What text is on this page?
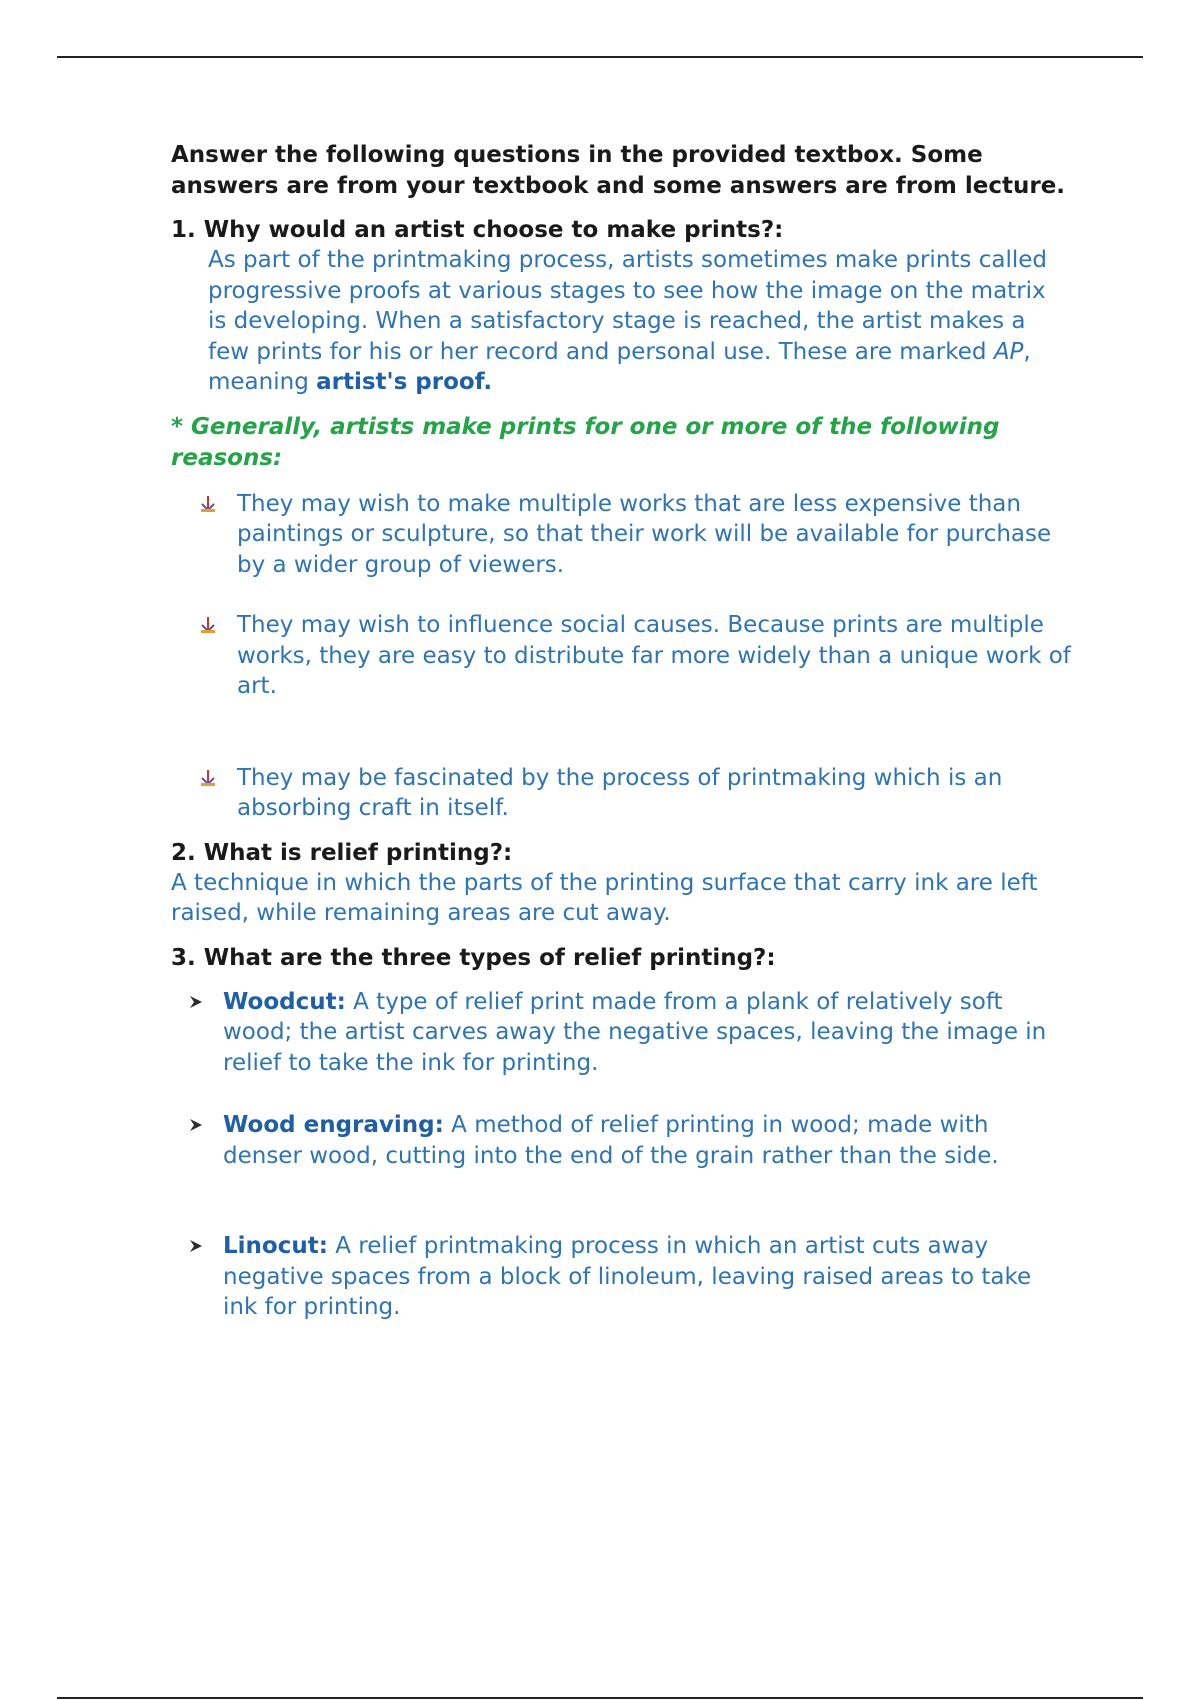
Answer the following questions in the provided textbox. Some answers are from your textbook and some answers are from lecture.

1. Why would an artist choose to make prints?:

As part of the printmaking process, artists sometimes make prints called progressive proofs at various stages to see how the image on the matrix is developing. When a satisfactory stage is reached, the artist makes a few prints for his or her record and personal use. These are marked AP, meaning artist's proof.

* Generally, artists make prints for one or more of the following reasons:

They may wish to make multiple works that are less expensive than paintings or sculpture, so that their work will be available for purchase by a wider group of viewers.
They may wish to influence social causes. Because prints are multiple works, they are easy to distribute far more widely than a unique work of art.
They may be fascinated by the process of printmaking which is an absorbing craft in itself.

2. What is relief printing?:

A technique in which the parts of the printing surface that carry ink are left raised, while remaining areas are cut away.

3. What are the three types of relief printing?:

Woodcut: A type of relief print made from a plank of relatively soft wood; the artist carves away the negative spaces, leaving the image in relief to take the ink for printing.
Wood engraving: A method of relief printing in wood; made with denser wood, cutting into the end of the grain rather than the side.
Linocut: A relief printmaking process in which an artist cuts away negative spaces from a block of linoleum, leaving raised areas to take ink for printing.
